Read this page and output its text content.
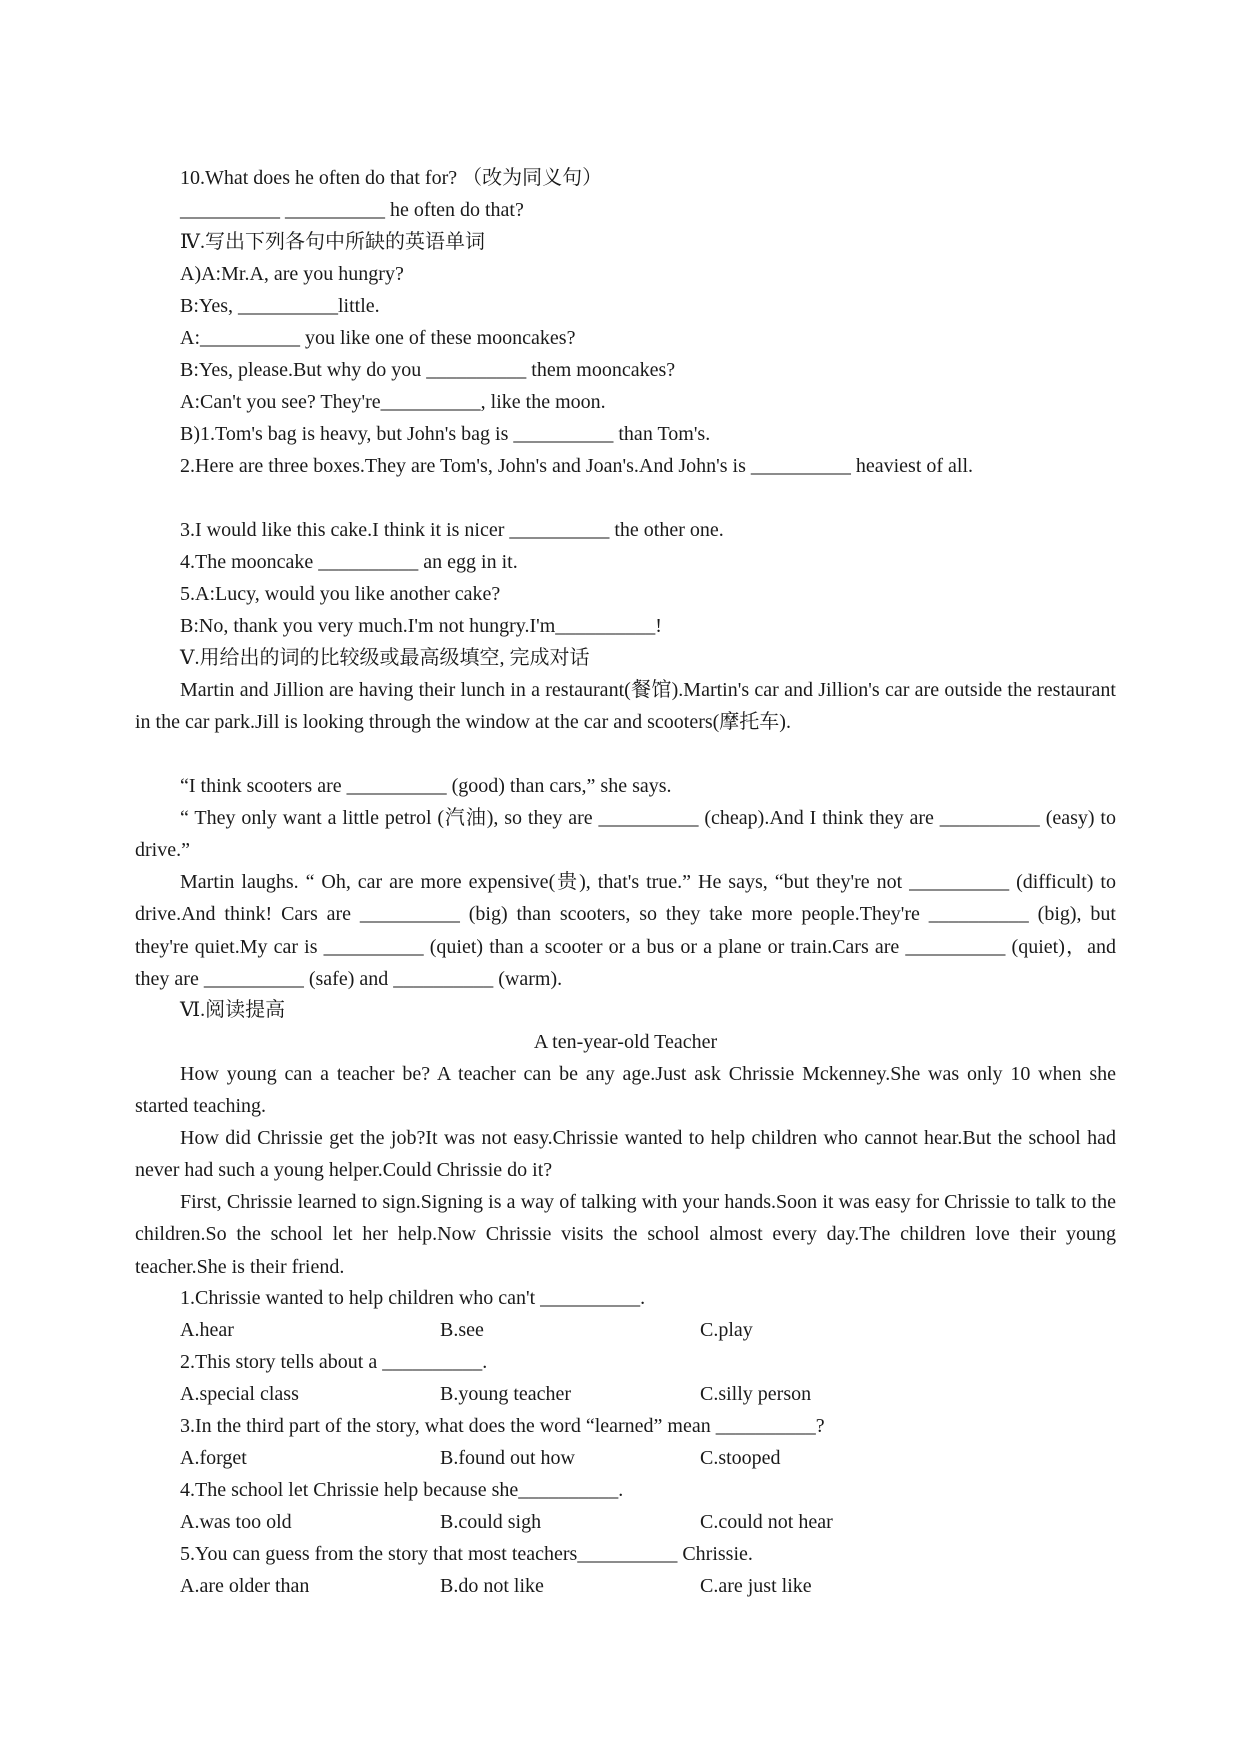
10.What does he often do that for? （改为同义句）
__________ __________ he often do that?
Ⅳ.写出下列各句中所缺的英语单词
A)A:Mr.A, are you hungry?
B:Yes, __________little.
A:__________ you like one of these mooncakes?
B:Yes, please.But why do you __________ them mooncakes?
A:Can't you see? They're__________, like the moon.
B)1.Tom's bag is heavy, but John's bag is __________ than Tom's.
2.Here are three boxes.They are Tom's, John's and Joan's.And John's is __________ heaviest of all.
3.I would like this cake.I think it is nicer __________ the other one.
4.The mooncake __________ an egg in it.
5.A:Lucy, would you like another cake?
B:No, thank you very much.I'm not hungry.I'm__________!
Ⅴ.用给出的词的比较级或最高级填空, 完成对话
Martin and Jillion are having their lunch in a restaurant(餐馆).Martin's car and Jillion's car are outside the restaurant in the car park.Jill is looking through the window at the car and scooters(摩托车).
“I think scooters are __________ (good) than cars,” she says.
“ They only want a little petrol (汽油), so they are __________ (cheap).And I think they are __________ (easy) to drive.”
Martin laughs. “ Oh, car are more expensive(贵), that's true.” He says, “but they're not __________ (difficult) to drive.And think! Cars are __________ (big) than scooters, so they take more people.They're __________ (big), but they're quiet.My car is __________ (quiet) than a scooter or a bus or a plane or train.Cars are __________ (quiet)，and they are __________ (safe) and __________ (warm).
Ⅵ.阅读提高
A ten-year-old Teacher
How young can a teacher be? A teacher can be any age.Just ask Chrissie Mckenney.She was only 10 when she started teaching.
How did Chrissie get the job?It was not easy.Chrissie wanted to help children who cannot hear.But the school had never had such a young helper.Could Chrissie do it?
First, Chrissie learned to sign.Signing is a way of talking with your hands.Soon it was easy for Chrissie to talk to the children.So the school let her help.Now Chrissie visits the school almost every day.The children love their young teacher.She is their friend.
1.Chrissie wanted to help children who can't __________.
A.hear	B.see	C.play
2.This story tells about a __________.
A.special class	B.young teacher	C.silly person
3.In the third part of the story, what does the word “learned” mean __________?
A.forget	B.found out how	C.stooped
4.The school let Chrissie help because she__________.
A.was too old	B.could sigh	C.could not hear
5.You can guess from the story that most teachers__________ Chrissie.
A.are older than	B.do not like	C.are just like
